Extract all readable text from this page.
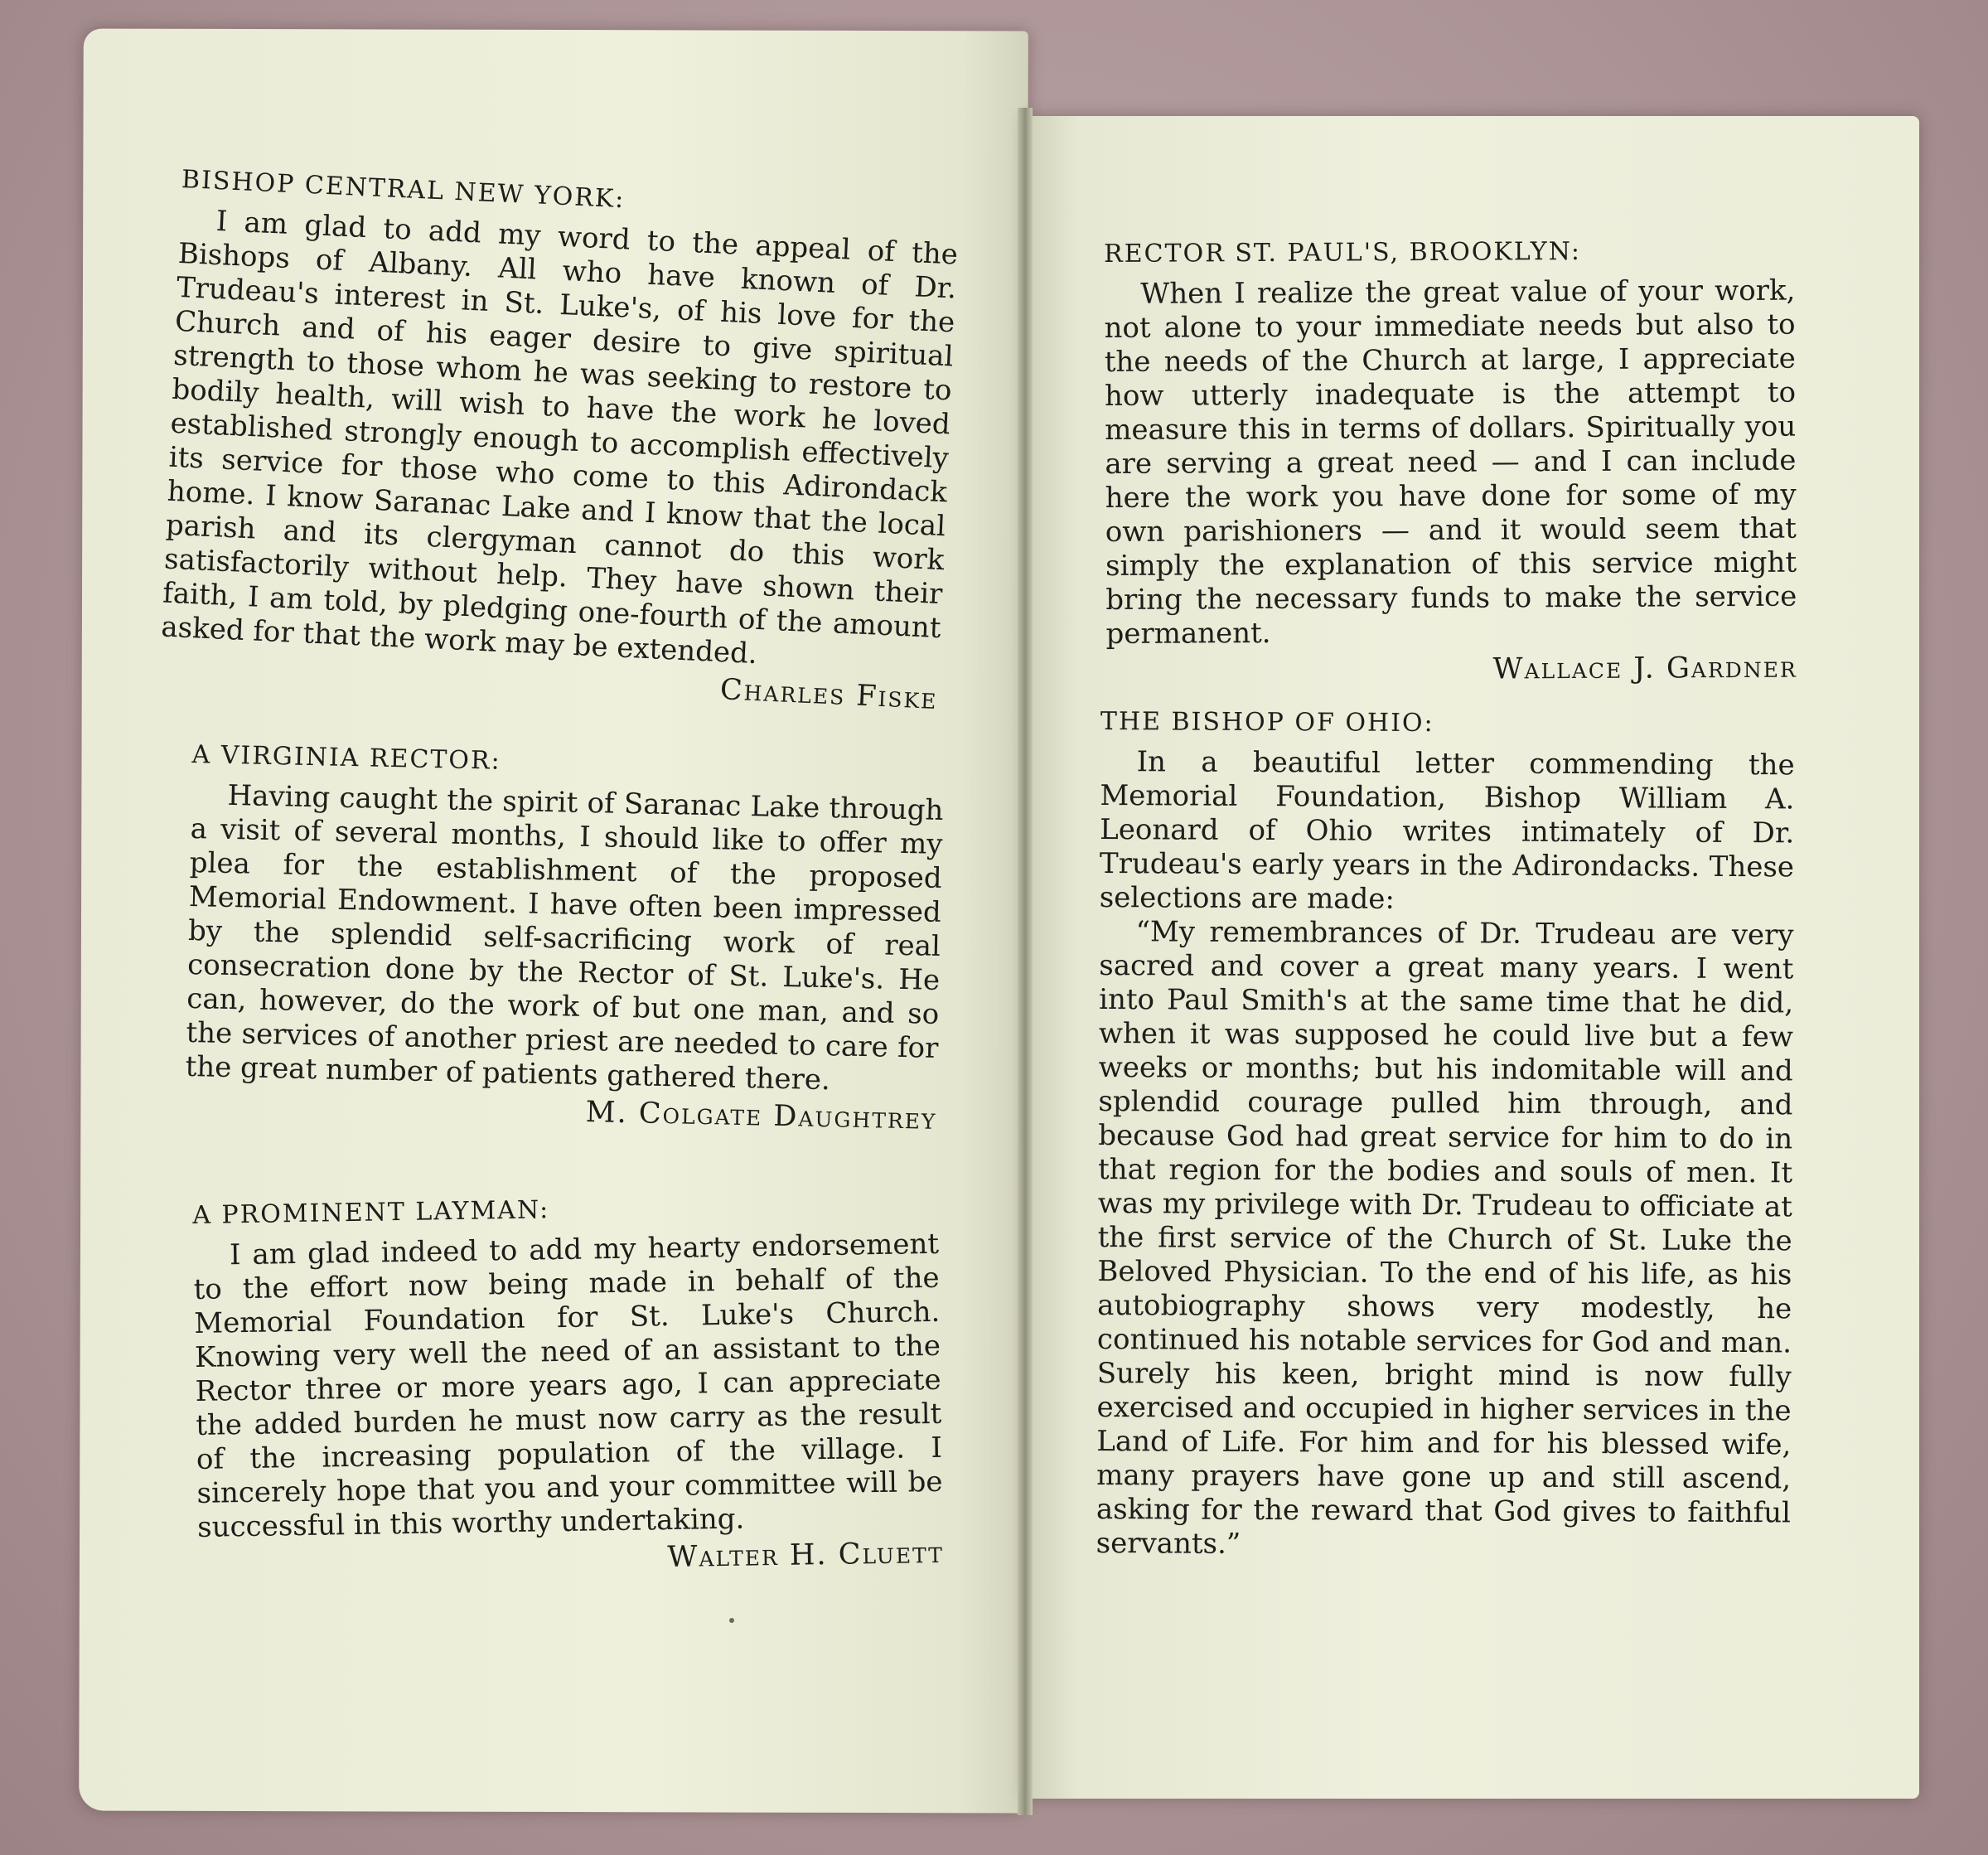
BISHOP CENTRAL NEW YORK:

I am glad to add my word to the appeal of the Bishops of Albany. All who have known of Dr. Trudeau's interest in St. Luke's, of his love for the Church and of his eager desire to give spiritual strength to those whom he was seeking to restore to bodily health, will wish to have the work he loved established strongly enough to accomplish effectively its service for those who come to this Adirondack home. I know Saranac Lake and I know that the local parish and its clergyman cannot do this work satisfactorily without help. They have shown their faith, I am told, by pledging one-fourth of the amount asked for that the work may be extended.

Charles Fiske

A VIRGINIA RECTOR:

Having caught the spirit of Saranac Lake through a visit of several months, I should like to offer my plea for the establishment of the proposed Memorial Endowment. I have often been impressed by the splendid self-sacrificing work of real consecration done by the Rector of St. Luke's. He can, however, do the work of but one man, and so the services of another priest are needed to care for the great number of patients gathered there.

M. Colgate Daughtrey

A PROMINENT LAYMAN:

I am glad indeed to add my hearty endorsement to the effort now being made in behalf of the Memorial Foundation for St. Luke's Church. Knowing very well the need of an assistant to the Rector three or more years ago, I can appreciate the added burden he must now carry as the result of the increasing population of the village. I sincerely hope that you and your committee will be successful in this worthy undertaking.

Walter H. Cluett

RECTOR ST. PAUL'S, BROOKLYN:

When I realize the great value of your work, not alone to your immediate needs but also to the needs of the Church at large, I appreciate how utterly inadequate is the attempt to measure this in terms of dollars. Spiritually you are serving a great need — and I can include here the work you have done for some of my own parishioners — and it would seem that simply the explanation of this service might bring the necessary funds to make the service permanent.

Wallace J. Gardner

THE BISHOP OF OHIO:

In a beautiful letter commending the Memorial Foundation, Bishop William A. Leonard of Ohio writes intimately of Dr. Trudeau's early years in the Adirondacks. These selections are made:

“My remembrances of Dr. Trudeau are very sacred and cover a great many years. I went into Paul Smith's at the same time that he did, when it was supposed he could live but a few weeks or months; but his indomitable will and splendid courage pulled him through, and because God had great service for him to do in that region for the bodies and souls of men. It was my privilege with Dr. Trudeau to officiate at the first service of the Church of St. Luke the Beloved Physician. To the end of his life, as his autobiography shows very modestly, he continued his notable services for God and man. Surely his keen, bright mind is now fully exercised and occupied in higher services in the Land of Life. For him and for his blessed wife, many prayers have gone up and still ascend, asking for the reward that God gives to faithful servants.”
